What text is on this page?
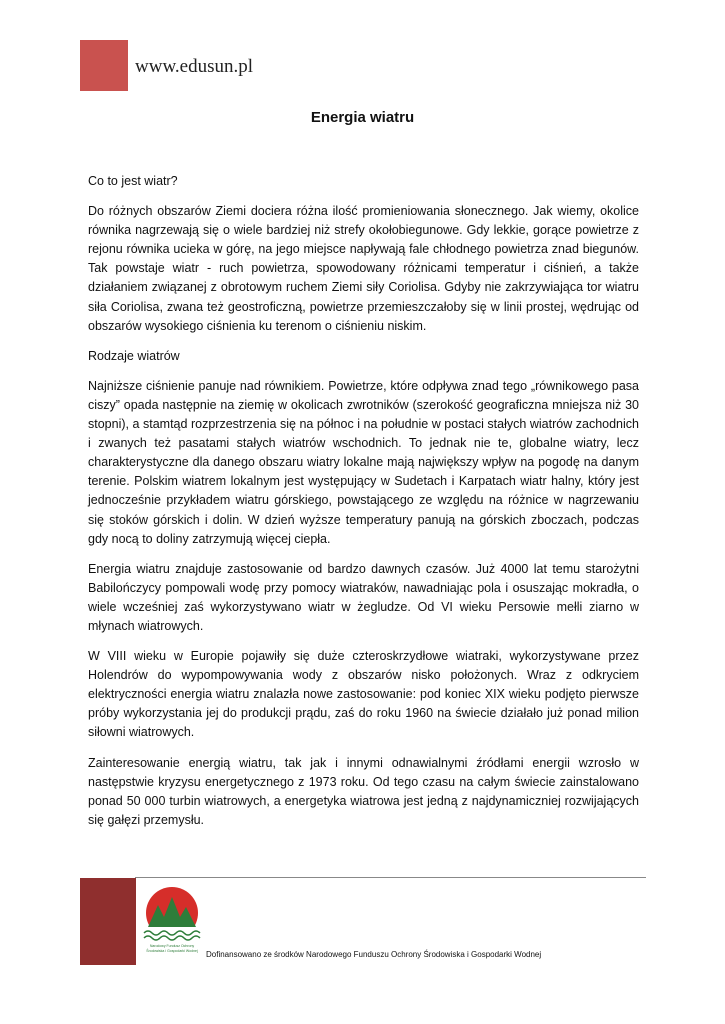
www.edusun.pl
Energia wiatru

Co to jest wiatr?

Do różnych obszarów Ziemi dociera różna ilość promieniowania słonecznego. Jak wiemy, okolice równika nagrzewają się o wiele bardziej niż strefy okołobiegunowe. Gdy lekkie, gorące powietrze z rejonu równika ucieka w górę, na jego miejsce napływają fale chłodnego powietrza znad biegunów. Tak powstaje wiatr - ruch powietrza, spowodowany różnicami temperatur i ciśnień, a także działaniem związanej z obrotowym ruchem Ziemi siły Coriolisa. Gdyby nie zakrzywiająca tor wiatru siła Coriolisa, zwana też geostroficzną, powietrze przemieszczałoby się w linii prostej, wędrując od obszarów wysokiego ciśnienia ku terenom o ciśnieniu niskim.

Rodzaje wiatrów

Najniższe ciśnienie panuje nad równikiem. Powietrze, które odpływa znad tego „równikowego pasa ciszy” opada następnie na ziemię w okolicach zwrotników (szerokość geograficzna mniejsza niż 30 stopni), a stamtąd rozprzestrzenia się na północ i na południe w postaci stałych wiatrów zachodnich i zwanych też pasatami stałych wiatrów wschodnich. To jednak nie te, globalne wiatry, lecz charakterystyczne dla danego obszaru wiatry lokalne mają największy wpływ na pogodę na danym terenie. Polskim wiatrem lokalnym jest występujący w Sudetach i Karpatach wiatr halny, który jest jednocześnie przykładem wiatru górskiego, powstającego ze względu na różnice w nagrzewaniu się stoków górskich i dolin. W dzień wyższe temperatury panują na górskich zboczach, podczas gdy nocą to doliny zatrzymują więcej ciepła.

Energia wiatru znajduje zastosowanie od bardzo dawnych czasów. Już 4000 lat temu starożytni Babilończycy pompowali wodę przy pomocy wiatraków, nawadniając pola i osuszając mokradła, o wiele wcześniej zaś wykorzystywano wiatr w żegludze. Od VI wieku Persowie mełli ziarno w młynach wiatrowych.

W VIII wieku w Europie pojawiły się duże czteroskrzydłowe wiatraki, wykorzystywane przez Holendrów do wypompowywania wody z obszarów nisko położonych. Wraz z odkryciem elektryczności energia wiatru znalazła nowe zastosowanie: pod koniec XIX wieku podjęto pierwsze próby wykorzystania jej do produkcji prądu, zaś do roku 1960 na świecie działało już ponad milion siłowni wiatrowych.

Zainteresowanie energią wiatru, tak jak i innymi odnawialnymi źródłami energii wzrosło w następstwie kryzysu energetycznego z 1973 roku. Od tego czasu na całym świecie zainstalowano ponad 50 000 turbin wiatrowych, a energetyka wiatrowa jest jedną z najdynamiczniej rozwijających się gałęzi przemysłu.

Narodowy Fundusz Ochrony
Środowiska i Gospodarki Wodnej Dofinansowano ze środków Narodowego Funduszu Ochrony Środowiska i Gospodarki Wodnej
